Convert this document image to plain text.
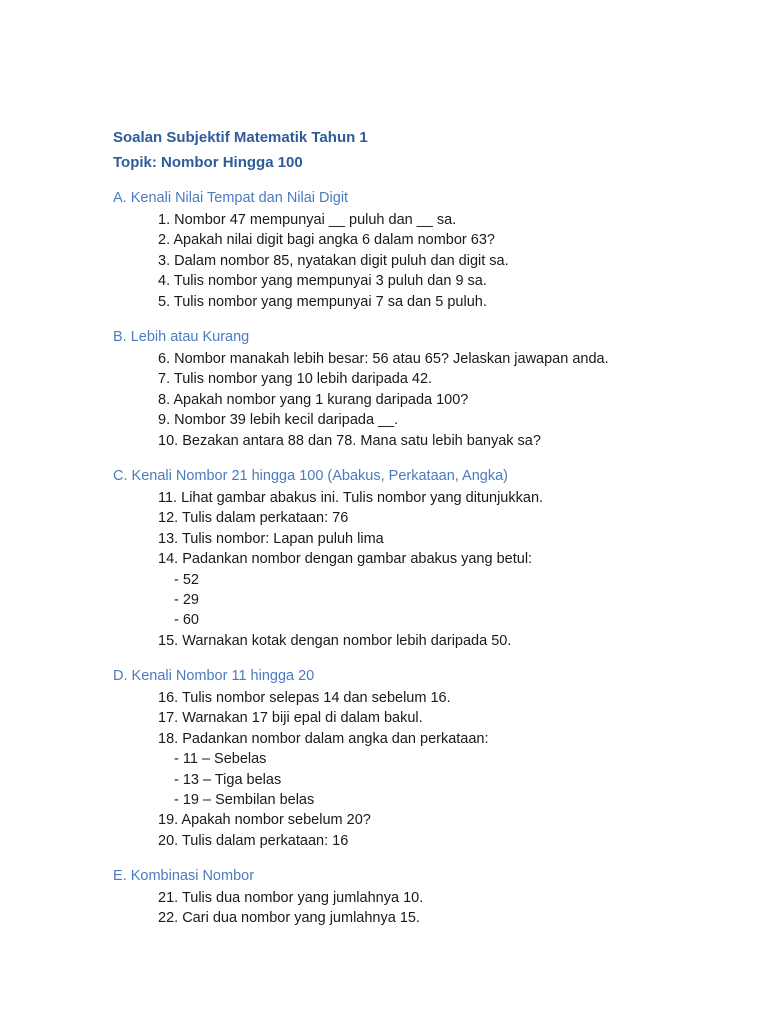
Soalan Subjektif Matematik Tahun 1
Topik: Nombor Hingga 100
A. Kenali Nilai Tempat dan Nilai Digit
1. Nombor 47 mempunyai __ puluh dan __ sa.
2. Apakah nilai digit bagi angka 6 dalam nombor 63?
3. Dalam nombor 85, nyatakan digit puluh dan digit sa.
4. Tulis nombor yang mempunyai 3 puluh dan 9 sa.
5. Tulis nombor yang mempunyai 7 sa dan 5 puluh.
B. Lebih atau Kurang
6. Nombor manakah lebih besar: 56 atau 65? Jelaskan jawapan anda.
7. Tulis nombor yang 10 lebih daripada 42.
8. Apakah nombor yang 1 kurang daripada 100?
9. Nombor 39 lebih kecil daripada __.
10. Bezakan antara 88 dan 78. Mana satu lebih banyak sa?
C. Kenali Nombor 21 hingga 100 (Abakus, Perkataan, Angka)
11. Lihat gambar abakus ini. Tulis nombor yang ditunjukkan.
12. Tulis dalam perkataan: 76
13. Tulis nombor: Lapan puluh lima
14. Padankan nombor dengan gambar abakus yang betul:
- 52
- 29
- 60
15. Warnakan kotak dengan nombor lebih daripada 50.
D. Kenali Nombor 11 hingga 20
16. Tulis nombor selepas 14 dan sebelum 16.
17. Warnakan 17 biji epal di dalam bakul.
18. Padankan nombor dalam angka dan perkataan:
- 11 – Sebelas
- 13 – Tiga belas
- 19 – Sembilan belas
19. Apakah nombor sebelum 20?
20. Tulis dalam perkataan: 16
E. Kombinasi Nombor
21. Tulis dua nombor yang jumlahnya 10.
22. Cari dua nombor yang jumlahnya 15.
